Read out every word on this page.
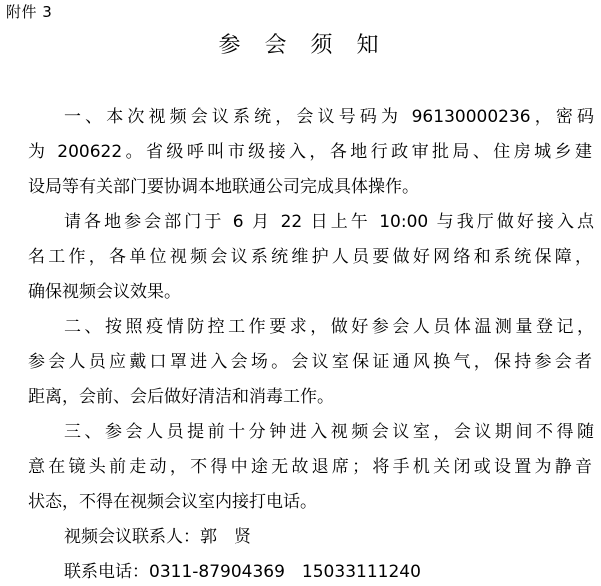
附件 3
参会须知
一、本次视频会议系统，会议号码为 96130000236，密码
为 200622。省级呼叫市级接入，各地行政审批局、住房城乡建
设局等有关部门要协调本地联通公司完成具体操作。
请各地参会部门于 6 月 22 日上午 10:00 与我厅做好接入点
名工作，各单位视频会议系统维护人员要做好网络和系统保障，
确保视频会议效果。
二、按照疫情防控工作要求，做好参会人员体温测量登记，
参会人员应戴口罩进入会场。会议室保证通风换气，保持参会者
距离，会前、会后做好清洁和消毒工作。
三、参会人员提前十分钟进入视频会议室，会议期间不得随
意在镜头前走动，不得中途无故退席；将手机关闭或设置为静音
状态，不得在视频会议室内接打电话。
视频会议联系人：郭　贤
联系电话：0311-87904369　15033111240
